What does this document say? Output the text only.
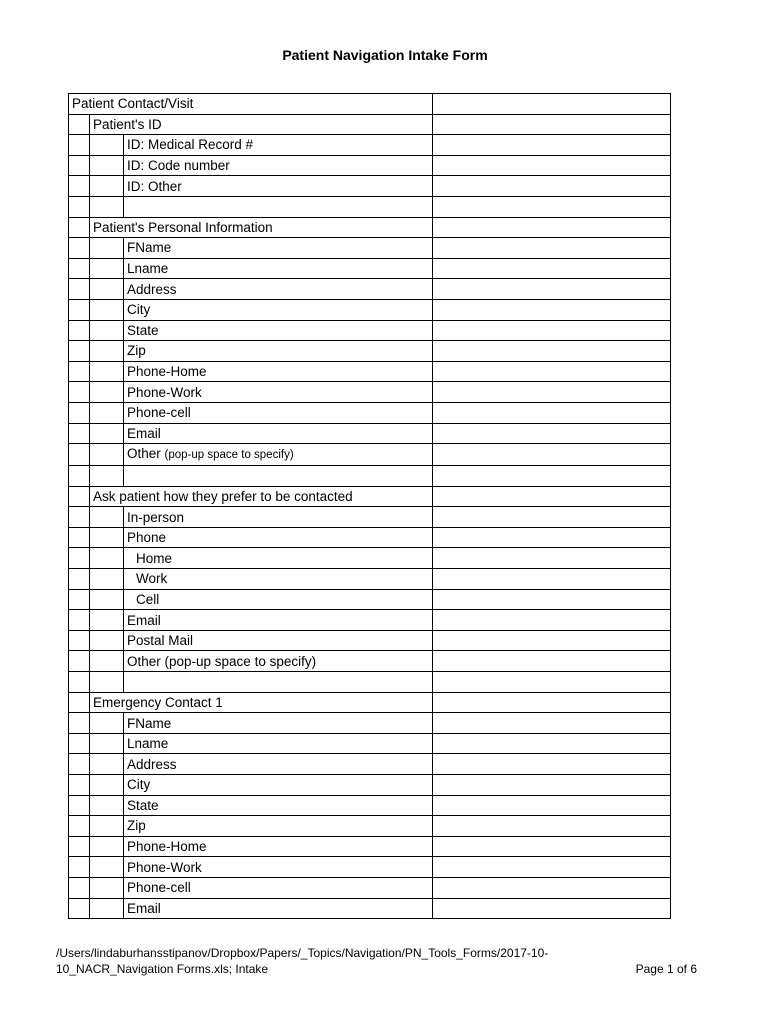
Patient Navigation Intake Form
Patient Contact/Visit			
	Patient's ID		
		ID: Medical Record #	
		ID: Code number	
		ID: Other	

	Patient's Personal Information		
		FName	
		Lname	
		Address	
		City	
		State	
		Zip	
		Phone-Home	
		Phone-Work	
		Phone-cell	
		Email	
		Other (pop-up space to specify)	

	Ask patient how they prefer to be contacted		
		In-person	
		Phone	
		Home	
		Work	
		Cell	
		Email	
		Postal Mail	
		Other (pop-up space to specify)	

	Emergency Contact 1		
		FName	
		Lname	
		Address	
		City	
		State	
		Zip	
		Phone-Home	
		Phone-Work	
		Phone-cell	
		Email	
/Users/lindaburhansstipanov/Dropbox/Papers/_Topics/Navigation/PN_Tools_Forms/2017-10-
10_NACR_Navigation Forms.xls; Intake	Page 1 of 6
